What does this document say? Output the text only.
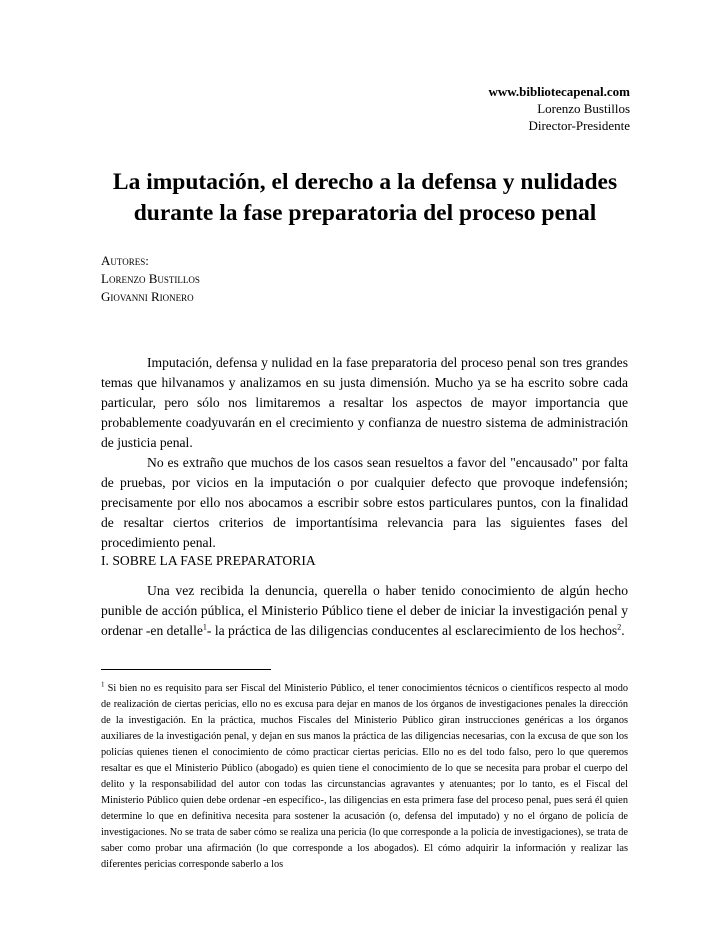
www.bibliotecapenal.com
Lorenzo Bustillos
Director-Presidente
La imputación, el derecho a la defensa y nulidades
durante la fase preparatoria del proceso penal
Autores:
Lorenzo Bustillos
Giovanni Rionero

Imputación, defensa y nulidad en la fase preparatoria del proceso penal son tres grandes temas que hilvanamos y analizamos en su justa dimensión. Mucho ya se ha escrito sobre cada particular, pero sólo nos limitaremos a resaltar los aspectos de mayor importancia que probablemente coadyuvarán en el crecimiento y confianza de nuestro sistema de administración de justicia penal.

No es extraño que muchos de los casos sean resueltos a favor del "encausado" por falta de pruebas, por vicios en la imputación o por cualquier defecto que provoque indefensión; precisamente por ello nos abocamos a escribir sobre estos particulares puntos, con la finalidad de resaltar ciertos criterios de importantísima relevancia para las siguientes fases del procedimiento penal.

I. SOBRE LA FASE PREPARATORIA

Una vez recibida la denuncia, querella o haber tenido conocimiento de algún hecho punible de acción pública, el Ministerio Público tiene el deber de iniciar la investigación penal y ordenar -en detalle$^1$- la práctica de las diligencias conducentes al esclarecimiento de los hechos$^2$.

$^1$ Si bien no es requisito para ser Fiscal del Ministerio Público, el tener conocimientos técnicos o científicos respecto al modo de realización de ciertas pericias, ello no es excusa para dejar en manos de los órganos de investigaciones penales la dirección de la investigación. En la práctica, muchos Fiscales del Ministerio Público giran instrucciones genéricas a los órganos auxiliares de la investigación penal, y dejan en sus manos la práctica de las diligencias necesarias, con la excusa de que son los policías quienes tienen el conocimiento de cómo practicar ciertas pericias. Ello no es del todo falso, pero lo que queremos resaltar es que el Ministerio Público (abogado) es quien tiene el conocimiento de lo que se necesita para probar el cuerpo del delito y la responsabilidad del autor con todas las circunstancias agravantes y atenuantes; por lo tanto, es el Fiscal del Ministerio Público quien debe ordenar -en específico-, las diligencias en esta primera fase del proceso penal, pues será él quien determine lo que en definitiva necesita para sostener la acusación (o, defensa del imputado) y no el órgano de policía de investigaciones. No se trata de saber cómo se realiza una pericia (lo que corresponde a la policía de investigaciones), se trata de saber como probar una afirmación (lo que corresponde a los abogados). El cómo adquirir la información y realizar las diferentes pericias corresponde saberlo a los
